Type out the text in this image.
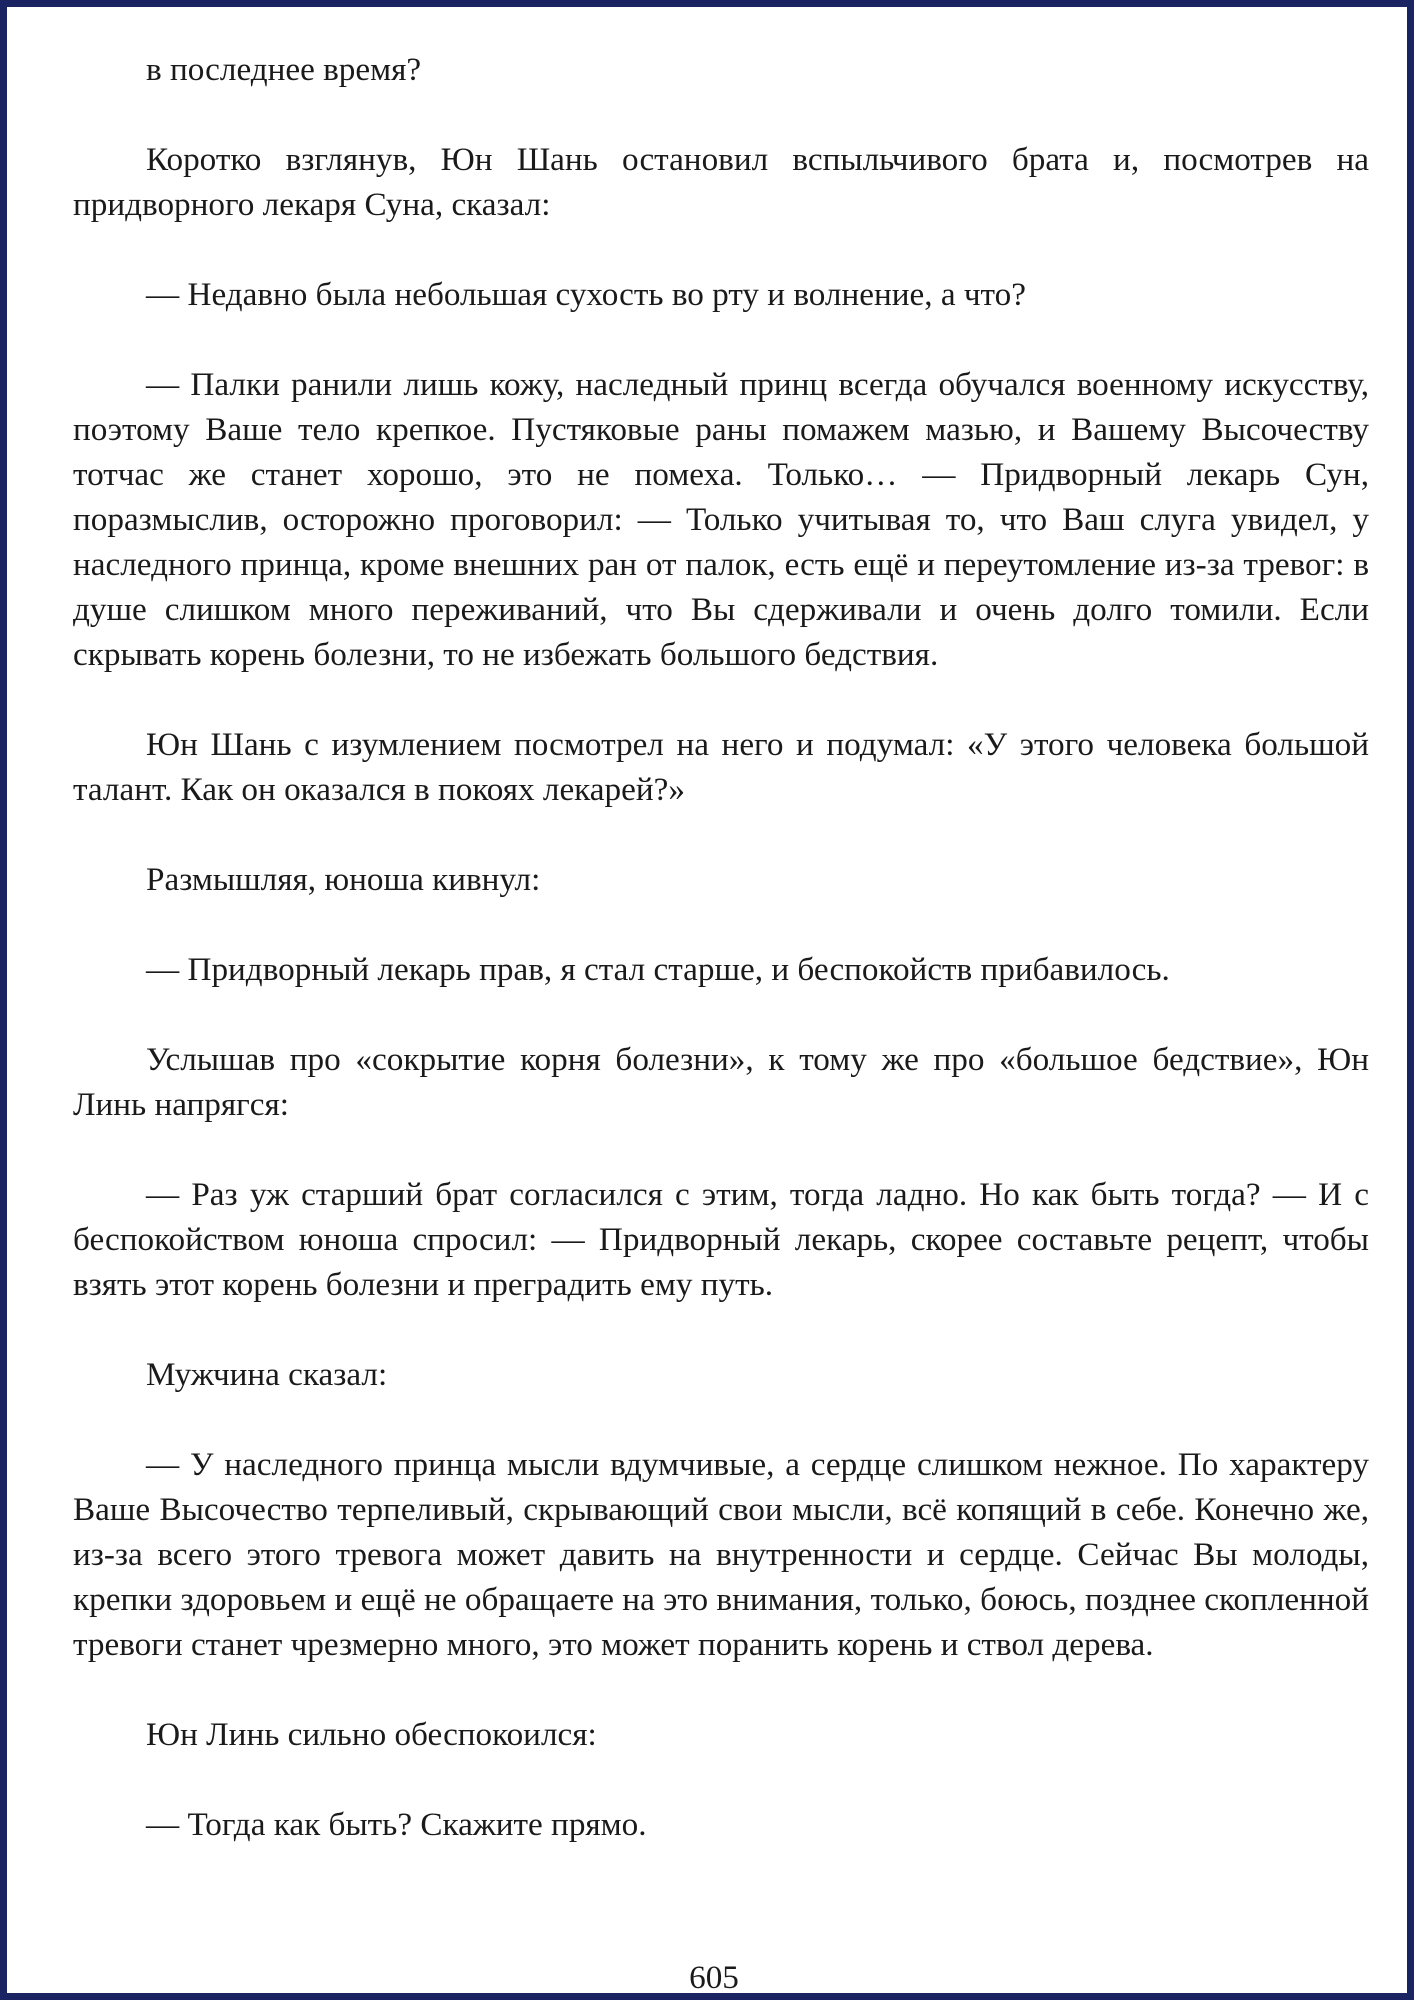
в последнее время?

Коротко взглянув, Юн Шань остановил вспыльчивого брата и, посмотрев на придворного лекаря Суна, сказал:

— Недавно была небольшая сухость во рту и волнение, а что?

— Палки ранили лишь кожу, наследный принц всегда обучался военному искусству, поэтому Ваше тело крепкое. Пустяковые раны помажем мазью, и Вашему Высочеству тотчас же станет хорошо, это не помеха. Только… — Придворный лекарь Сун, поразмыслив, осторожно проговорил: — Только учитывая то, что Ваш слуга увидел, у наследного принца, кроме внешних ран от палок, есть ещё и переутомление из-за тревог: в душе слишком много переживаний, что Вы сдерживали и очень долго томили. Если скрывать корень болезни, то не избежать большого бедствия.

Юн Шань с изумлением посмотрел на него и подумал: «У этого человека большой талант. Как он оказался в покоях лекарей?»

Размышляя, юноша кивнул:

— Придворный лекарь прав, я стал старше, и беспокойств прибавилось.

Услышав про «сокрытие корня болезни», к тому же про «большое бедствие», Юн Линь напрягся:

— Раз уж старший брат согласился с этим, тогда ладно. Но как быть тогда? — И с беспокойством юноша спросил: — Придворный лекарь, скорее составьте рецепт, чтобы взять этот корень болезни и преградить ему путь.

Мужчина сказал:

— У наследного принца мысли вдумчивые, а сердце слишком нежное. По характеру Ваше Высочество терпеливый, скрывающий свои мысли, всё копящий в себе. Конечно же, из-за всего этого тревога может давить на внутренности и сердце. Сейчас Вы молоды, крепки здоровьем и ещё не обращаете на это внимания, только, боюсь, позднее скопленной тревоги станет чрезмерно много, это может поранить корень и ствол дерева.

Юн Линь сильно обеспокоился:

— Тогда как быть? Скажите прямо.

605
